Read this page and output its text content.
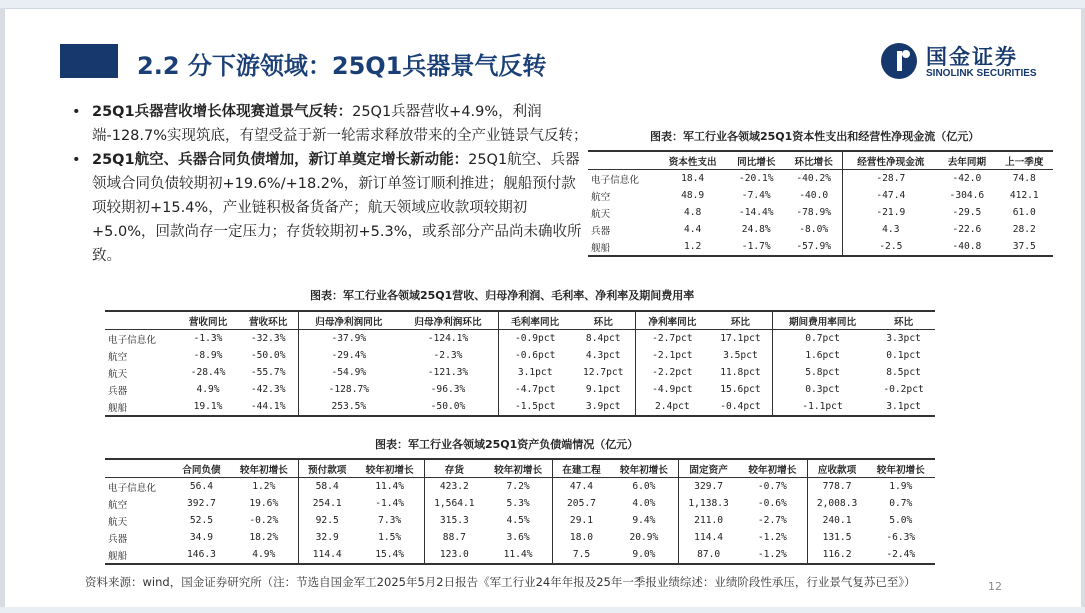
2.2 分下游领域：25Q1兵器景气反转	国金证券
SINOLINK SECURITIES
• 25Q1兵器营收增长体现赛道景气反转：25Q1兵器营收+4.9%，利润端-128.7%实现筑底，有望受益于新一轮需求释放带来的全产业链景气反转；
• 25Q1航空、兵器合同负债增加，新订单奠定增长新动能：25Q1航空、兵器领域合同负债较期初+19.6%/+18.2%，新订单签订顺利推进；舰船预付款项较期初+15.4%，产业链积极备货备产；航天领域应收款项较期初+5.0%，回款尚存一定压力；存货较期初+5.3%，或系部分产品尚未确收所致。
图表：军工行业各领域25Q1资本性支出和经营性净现金流（亿元）
	资本性支出	同比增长	环比增长	经营性净现金流	去年同期	上一季度
电子信息化	18.4	-20.1%	-40.2%	-28.7	-42.0	74.8
航空	48.9	-7.4%	-40.0	-47.4	-304.6	412.1
航天	4.8	-14.4%	-78.9%	-21.9	-29.5	61.0
兵器	4.4	24.8%	-8.0%	4.3	-22.6	28.2
舰船	1.2	-1.7%	-57.9%	-2.5	-40.8	37.5
图表：军工行业各领域25Q1营收、归母净利润、毛利率、净利率及期间费用率
	营收同比	营收环比	归母净利润同比	归母净利润环比	毛利率同比	环比	净利率同比	环比	期间费用率同比	环比
电子信息化	-1.3%	-32.3%	-37.9%	-124.1%	-0.9pct	8.4pct	-2.7pct	17.1pct	0.7pct	3.3pct
航空	-8.9%	-50.0%	-29.4%	-2.3%	-0.6pct	4.3pct	-2.1pct	3.5pct	1.6pct	0.1pct
航天	-28.4%	-55.7%	-54.9%	-121.3%	3.1pct	12.7pct	-2.2pct	11.8pct	5.8pct	8.5pct
兵器	4.9%	-42.3%	-128.7%	-96.3%	-4.7pct	9.1pct	-4.9pct	15.6pct	0.3pct	-0.2pct
舰船	19.1%	-44.1%	253.5%	-50.0%	-1.5pct	3.9pct	2.4pct	-0.4pct	-1.1pct	3.1pct
图表：军工行业各领域25Q1资产负债端情况（亿元）
	合同负债	较年初增长	预付款项	较年初增长	存货	较年初增长	在建工程	较年初增长	固定资产	较年初增长	应收款项	较年初增长
电子信息化	56.4	1.2%	58.4	11.4%	423.2	7.2%	47.4	6.0%	329.7	-0.7%	778.7	1.9%
航空	392.7	19.6%	254.1	-1.4%	1,564.1	5.3%	205.7	4.0%	1,138.3	-0.6%	2,008.3	0.7%
航天	52.5	-0.2%	92.5	7.3%	315.3	4.5%	29.1	9.4%	211.0	-2.7%	240.1	5.0%
兵器	34.9	18.2%	32.9	1.5%	88.7	3.6%	18.0	20.9%	114.4	-1.2%	131.5	-6.3%
舰船	146.3	4.9%	114.4	15.4%	123.0	11.4%	7.5	9.0%	87.0	-1.2%	116.2	-2.4%
资料来源：wind，国金证券研究所（注：节选自国金军工2025年5月2日报告《军工行业24年年报及25年一季报业绩综述：业绩阶段性承压，行业景气复苏已至》）	12
